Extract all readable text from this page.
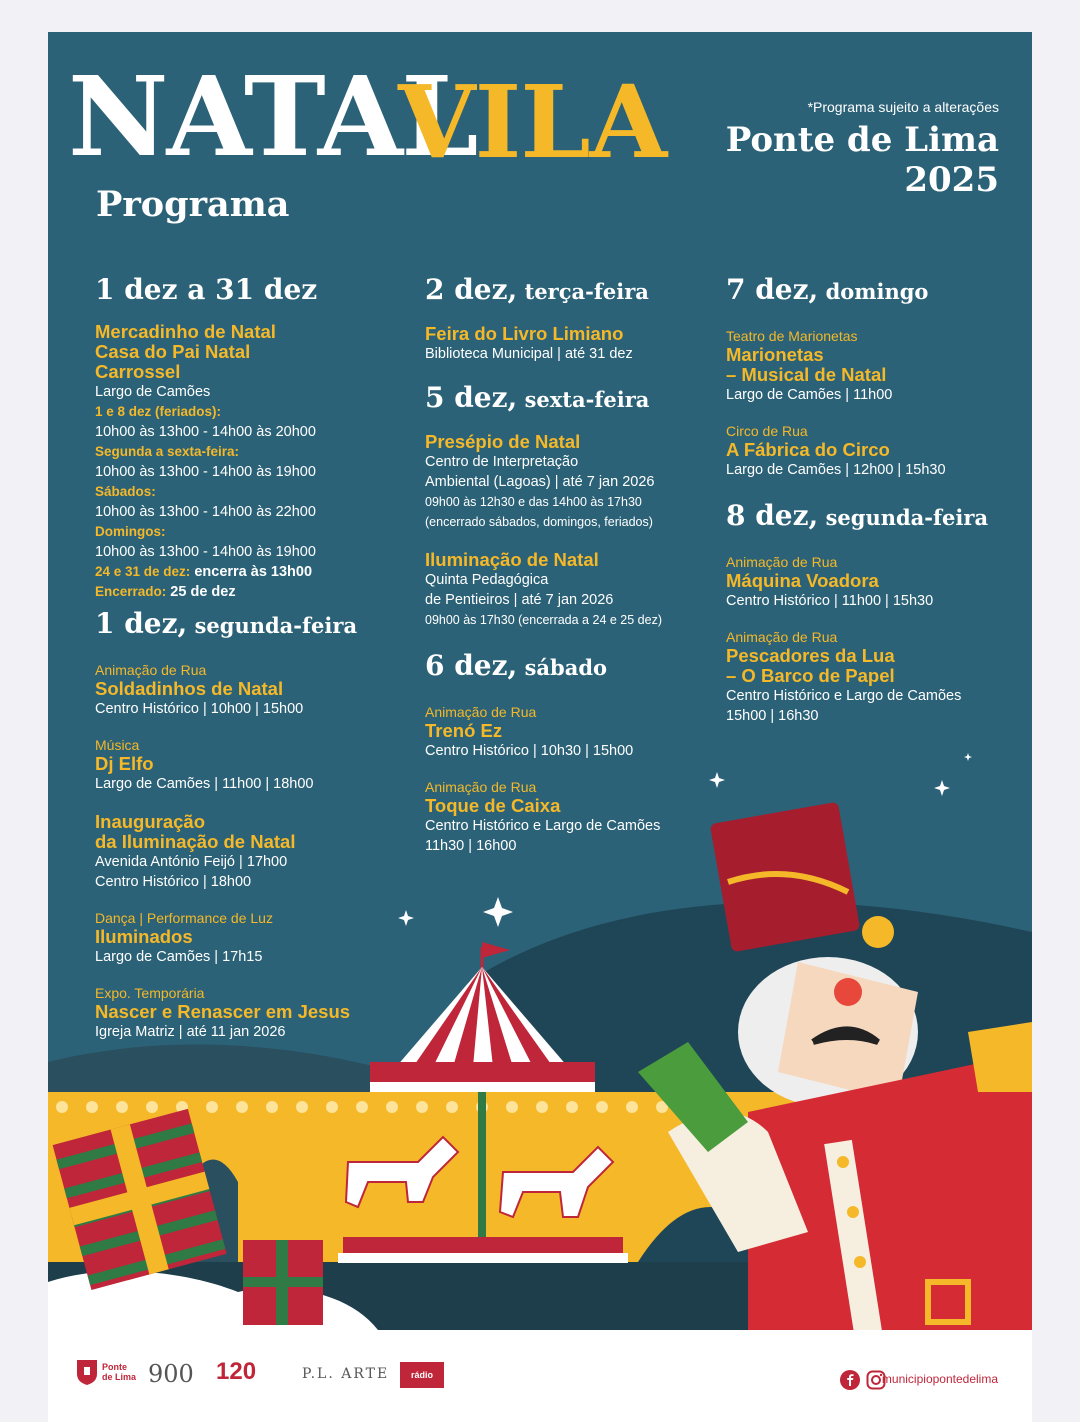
NATAL
VILA
Programa
*Programa sujeito a alterações
Ponte de Lima
2025
1 dez a 31 dez
Mercadinho de Natal
Casa do Pai Natal
Carrossel
Largo de Camões
1 e 8 dez (feriados):
10h00 às 13h00 - 14h00 às 20h00
Segunda a sexta-feira:
10h00 às 13h00 - 14h00 às 19h00
Sábados:
10h00 às 13h00 - 14h00 às 22h00
Domingos:
10h00 às 13h00 - 14h00 às 19h00
24 e 31 de dez: encerra às 13h00
Encerrado: 25 de dez
1 dez, segunda-feira
Animação de Rua
Soldadinhos de Natal
Centro Histórico | 10h00 | 15h00
Música
Dj Elfo
Largo de Camões | 11h00 | 18h00
Inauguração
da Iluminação de Natal
Avenida António Feijó | 17h00
Centro Histórico | 18h00
Dança | Performance de Luz
Iluminados
Largo de Camões | 17h15
Expo. Temporária
Nascer e Renascer em Jesus
Igreja Matriz | até 11 jan 2026
2 dez, terça-feira
Feira do Livro Limiano
Biblioteca Municipal | até 31 dez
5 dez, sexta-feira
Presépio de Natal
Centro de Interpretação
Ambiental (Lagoas) | até 7 jan 2026
09h00 às 12h30 e das 14h00 às 17h30
(encerrado sábados, domingos, feriados)
Iluminação de Natal
Quinta Pedagógica
de Pentieiros | até 7 jan 2026
09h00 às 17h30 (encerrada a 24 e 25 dez)
6 dez, sábado
Animação de Rua
Trenó Ez
Centro Histórico | 10h30 | 15h00
Animação de Rua
Toque de Caixa
Centro Histórico e Largo de Camões
11h30 | 16h00
7 dez, domingo
Teatro de Marionetas
Marionetas
– Musical de Natal
Largo de Camões | 11h00
Circo de Rua
A Fábrica do Circo
Largo de Camões | 12h00 | 15h30
8 dez, segunda-feira
Animação de Rua
Máquina Voadora
Centro Histórico | 11h00 | 15h30
Animação de Rua
Pescadores da Lua
– O Barco de Papel
Centro Histórico e Largo de Camões
15h00 | 16h30
Ponte de Lima 900 120	P.L. ARTE	rádio	municipiopontedelima
